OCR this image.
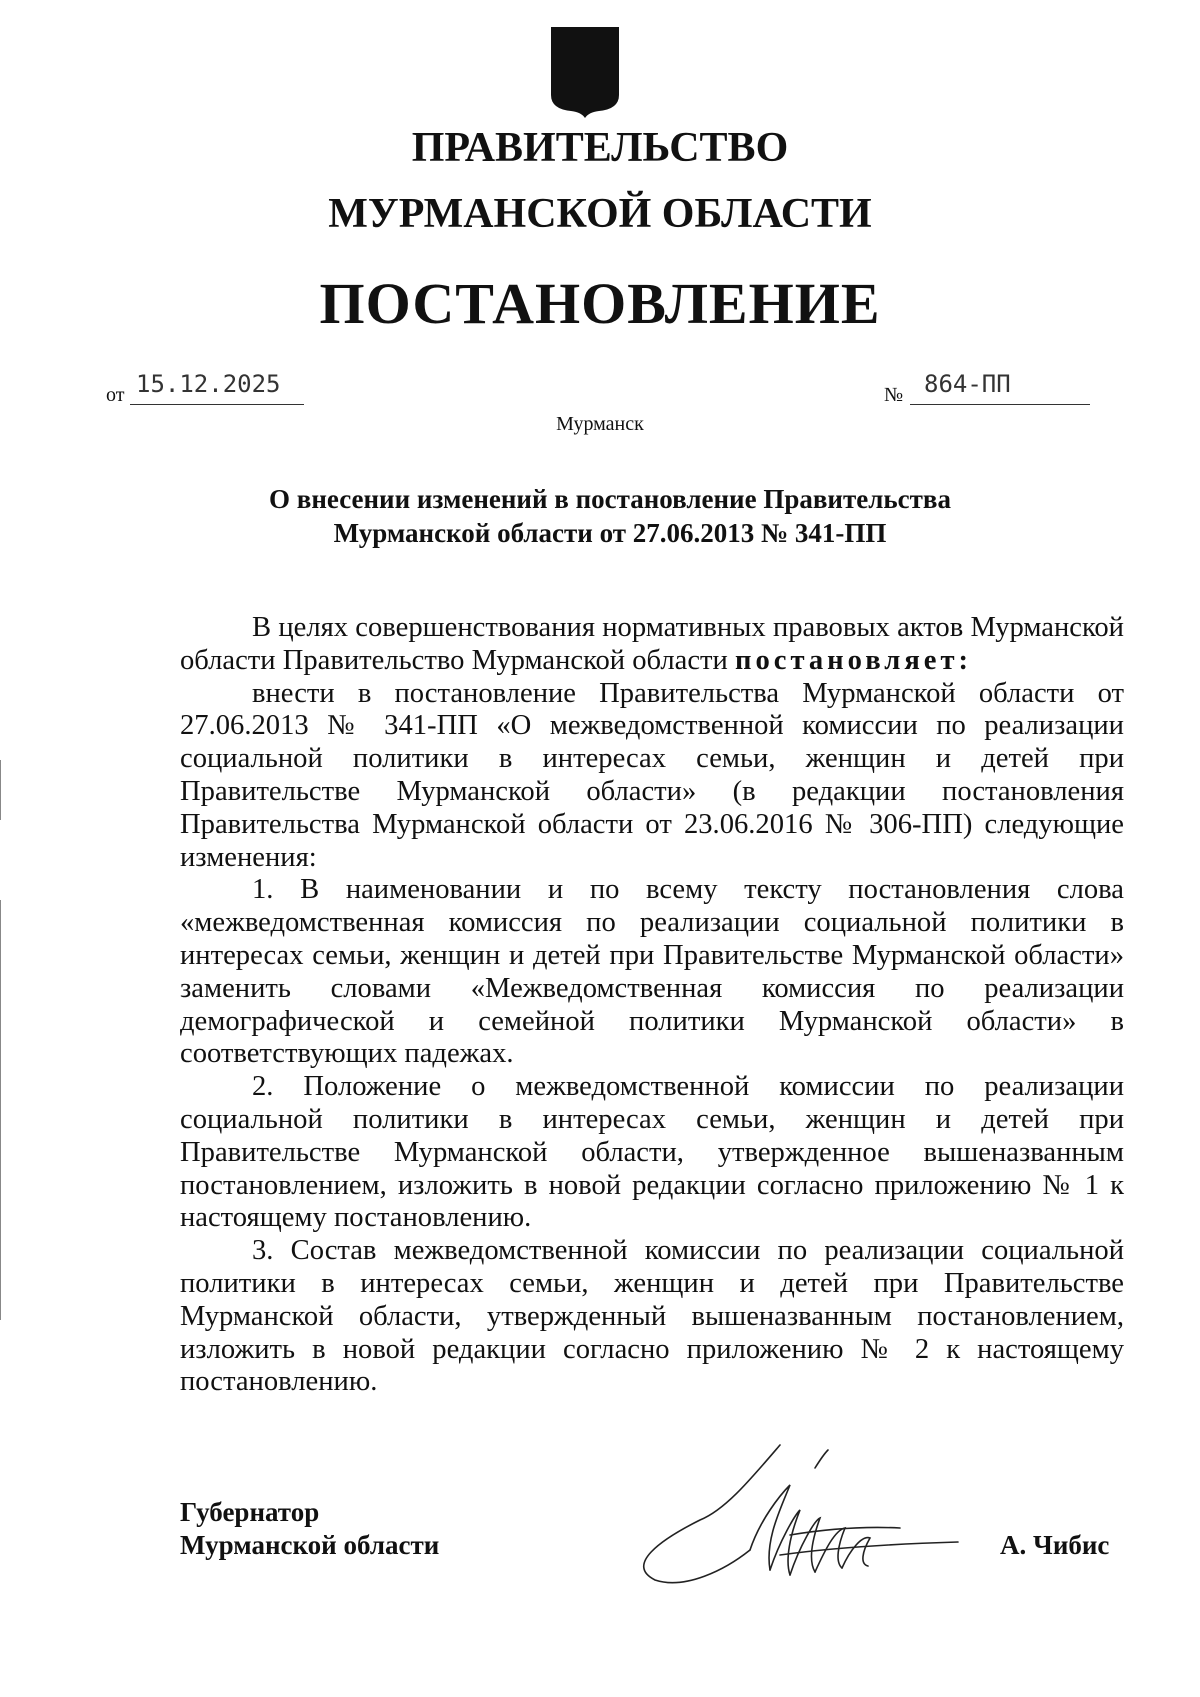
ПРАВИТЕЛЬСТВО
МУРМАНСКОЙ ОБЛАСТИ
ПОСТАНОВЛЕНИЕ
от 15.12.2025	№ 864-ПП
Мурманск
О внесении изменений в постановление Правительства
Мурманской области от 27.06.2013 № 341-ПП

В целях совершенствования нормативных правовых актов Мурманской области Правительство Мурманской области постановляет:

внести в постановление Правительства Мурманской области от 27.06.2013 № 341-ПП «О межведомственной комиссии по реализации социальной политики в интересах семьи, женщин и детей при Правительстве Мурманской области» (в редакции постановления Правительства Мурманской области от 23.06.2016 № 306-ПП) следующие изменения:

1. В наименовании и по всему тексту постановления слова «межведомственная комиссия по реализации социальной политики в интересах семьи, женщин и детей при Правительстве Мурманской области» заменить словами «Межведомственная комиссия по реализации демографической и семейной политики Мурманской области» в соответствующих падежах.

2. Положение о межведомственной комиссии по реализации социальной политики в интересах семьи, женщин и детей при Правительстве Мурманской области, утвержденное вышеназванным постановлением, изложить в новой редакции согласно приложению № 1 к настоящему постановлению.

3. Состав межведомственной комиссии по реализации социальной политики в интересах семьи, женщин и детей при Правительстве Мурманской области, утвержденный вышеназванным постановлением, изложить в новой редакции согласно приложению № 2 к настоящему постановлению.

Губернатор
Мурманской области	А. Чибис
